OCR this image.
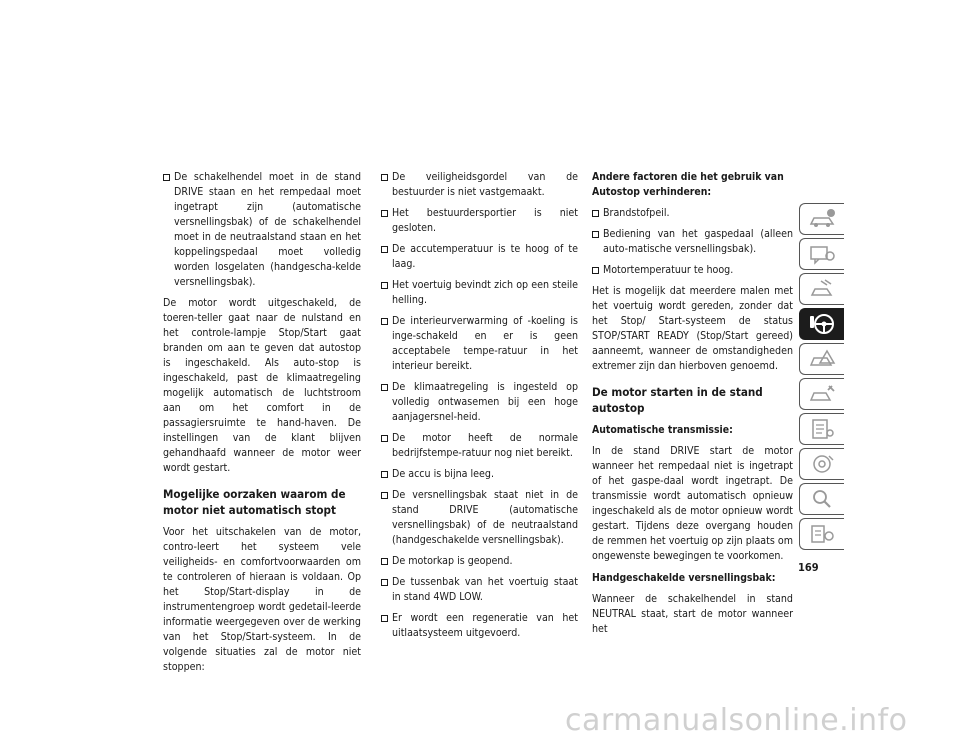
De schakelhendel moet in de stand DRIVE staan en het rempedaal moet ingetrapt zijn (automatische versnellingsbak) of de schakelhendel moet in de neutraalstand staan en het koppelingspedaal moet volledig worden losgelaten (handgescha-kelde versnellingsbak).

De motor wordt uitgeschakeld, de toeren-teller gaat naar de nulstand en het controle-lampje Stop/Start gaat branden om aan te geven dat autostop is ingeschakeld. Als auto-stop is ingeschakeld, past de klimaatregeling mogelijk automatisch de luchtstroom aan om het comfort in de passagiersruimte te hand-haven. De instellingen van de klant blijven gehandhaafd wanneer de motor weer wordt gestart.

Mogelijke oorzaken waarom de motor niet automatisch stopt

Voor het uitschakelen van de motor, contro-leert het systeem vele veiligheids- en comfortvoorwaarden om te controleren of hieraan is voldaan. Op het Stop/Start-display in de instrumentengroep wordt gedetail-leerde informatie weergegeven over de werking van het Stop/Start-systeem. In de volgende situaties zal de motor niet stoppen:

De veiligheidsgordel van de bestuurder is niet vastgemaakt.
Het bestuurdersportier is niet gesloten.
De accutemperatuur is te hoog of te laag.
Het voertuig bevindt zich op een steile helling.
De interieurverwarming of -koeling is inge-schakeld en er is geen acceptabele tempe-ratuur in het interieur bereikt.
De klimaatregeling is ingesteld op volledig ontwasemen bij een hoge aanjagersnel-heid.
De motor heeft de normale bedrijfstempe-ratuur nog niet bereikt.
De accu is bijna leeg.
De versnellingsbak staat niet in de stand DRIVE (automatische versnellingsbak) of de neutraalstand (handgeschakelde versnellingsbak).
De motorkap is geopend.
De tussenbak van het voertuig staat in stand 4WD LOW.
Er wordt een regeneratie van het uitlaatsysteem uitgevoerd.
Andere factoren die het gebruik van Autostop verhinderen:
Brandstofpeil.
Bediening van het gaspedaal (alleen auto-matische versnellingsbak).
Motortemperatuur te hoog.

Het is mogelijk dat meerdere malen met het voertuig wordt gereden, zonder dat het Stop/ Start-systeem de status STOP/START READY (Stop/Start gereed) aanneemt, wanneer de omstandigheden extremer zijn dan hierboven genoemd.

De motor starten in de stand autostop
Automatische transmissie:

In de stand DRIVE start de motor wanneer het rempedaal niet is ingetrapt of het gaspe-daal wordt ingetrapt. De transmissie wordt automatisch opnieuw ingeschakeld als de motor opnieuw wordt gestart. Tijdens deze overgang houden de remmen het voertuig op zijn plaats om ongewenste bewegingen te voorkomen.

Handgeschakelde versnellingsbak:

Wanneer de schakelhendel in stand NEUTRAL staat, start de motor wanneer het

169
carmanualsonline.info
